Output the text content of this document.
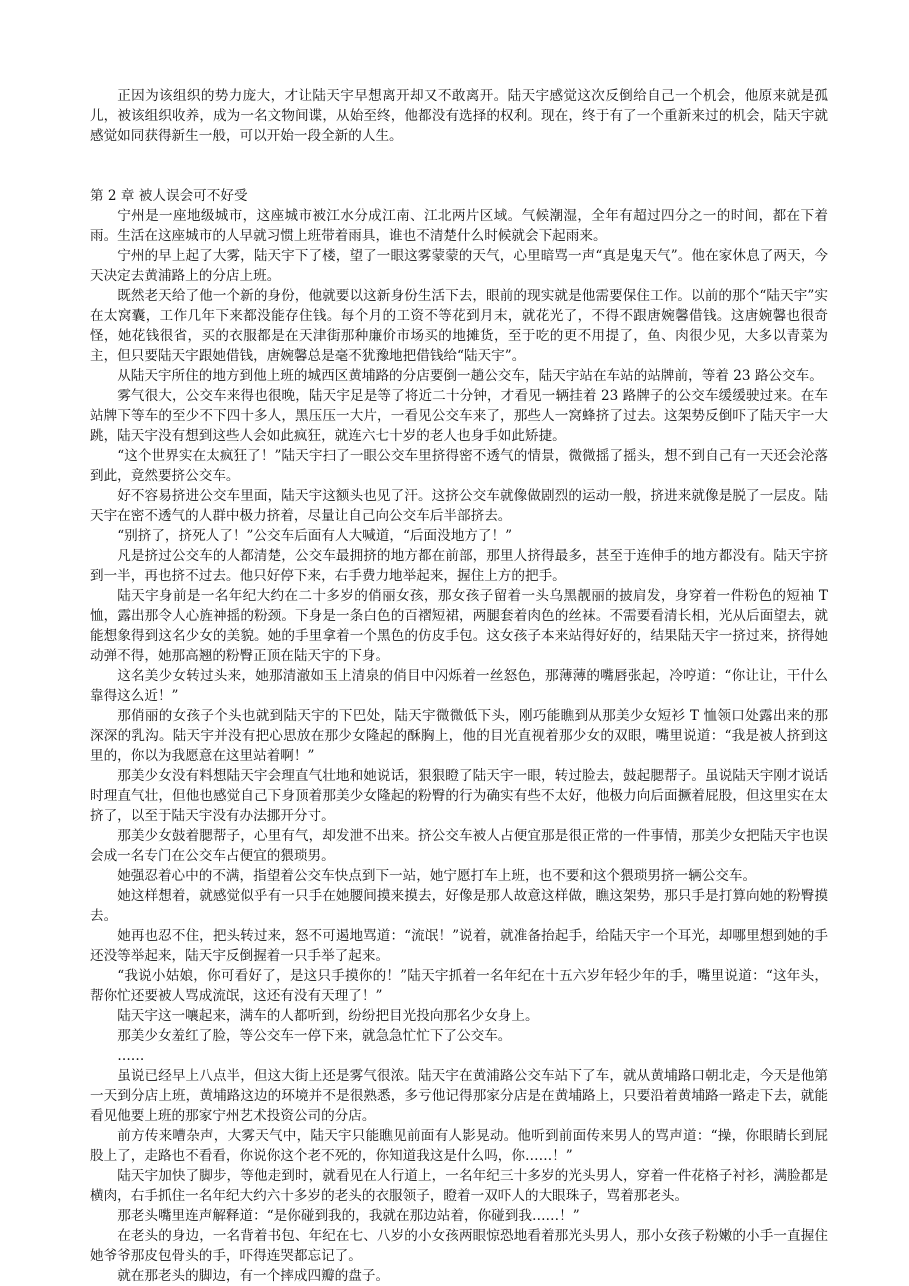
正因为该组织的势力庞大，才让陆天宇早想离开却又不敢离开。陆天宇感觉这次反倒给自己一个机会，他原来就是孤儿，被该组织收养，成为一名文物间谍，从始至终，他都没有选择的权利。现在，终于有了一个重新来过的机会，陆天宇就感觉如同获得新生一般，可以开始一段全新的人生。

第 2 章 被人误会可不好受

宁州是一座地级城市，这座城市被江水分成江南、江北两片区域。气候潮湿，全年有超过四分之一的时间，都在下着雨。生活在这座城市的人早就习惯上班带着雨具，谁也不清楚什么时候就会下起雨来。

宁州的早上起了大雾，陆天宇下了楼，望了一眼这雾蒙蒙的天气，心里暗骂一声“真是鬼天气”。他在家休息了两天，今天决定去黄浦路上的分店上班。

既然老天给了他一个新的身份，他就要以这新身份生活下去，眼前的现实就是他需要保住工作。以前的那个“陆天宇”实在太窝囊，工作几年下来都没能存住钱。每个月的工资不等花到月末，就花光了，不得不跟唐婉馨借钱。这唐婉馨也很奇怪，她花钱很省，买的衣服都是在天津街那种廉价市场买的地摊货，至于吃的更不用提了，鱼、肉很少见，大多以青菜为主，但只要陆天宇跟她借钱，唐婉馨总是毫不犹豫地把借钱给“陆天宇”。

从陆天宇所住的地方到他上班的城西区黄埔路的分店要倒一趟公交车，陆天宇站在车站的站牌前，等着 23 路公交车。

雾气很大，公交车来得也很晚，陆天宇足是等了将近二十分钟，才看见一辆挂着 23 路牌子的公交车缓缓驶过来。在车站牌下等车的至少不下四十多人，黑压压一大片，一看见公交车来了，那些人一窝蜂挤了过去。这架势反倒吓了陆天宇一大跳，陆天宇没有想到这些人会如此疯狂，就连六七十岁的老人也身手如此矫捷。

“这个世界实在太疯狂了！”陆天宇扫了一眼公交车里挤得密不透气的情景，微微摇了摇头，想不到自己有一天还会沦落到此，竟然要挤公交车。

好不容易挤进公交车里面，陆天宇这额头也见了汗。这挤公交车就像做剧烈的运动一般，挤进来就像是脱了一层皮。陆天宇在密不透气的人群中极力挤着，尽量让自己向公交车后半部挤去。

“别挤了，挤死人了！”公交车后面有人大喊道，“后面没地方了！”

凡是挤过公交车的人都清楚，公交车最拥挤的地方都在前部，那里人挤得最多，甚至于连伸手的地方都没有。陆天宇挤到一半，再也挤不过去。他只好停下来，右手费力地举起来，握住上方的把手。

陆天宇身前是一名年纪大约在二十多岁的俏丽女孩，那女孩子留着一头乌黑靓丽的披肩发，身穿着一件粉色的短袖 T 恤，露出那令人心旌神摇的粉颈。下身是一条白色的百褶短裙，两腿套着肉色的丝袜。不需要看清长相，光从后面望去，就能想象得到这名少女的美貌。她的手里拿着一个黑色的仿皮手包。这女孩子本来站得好好的，结果陆天宇一挤过来，挤得她动弹不得，她那高翘的粉臀正顶在陆天宇的下身。

这名美少女转过头来，她那清澈如玉上清泉的俏目中闪烁着一丝怒色，那薄薄的嘴唇张起，冷哼道：“你让让，干什么靠得这么近！”

那俏丽的女孩子个头也就到陆天宇的下巴处，陆天宇微微低下头，刚巧能瞧到从那美少女短衫 T 恤领口处露出来的那深深的乳沟。陆天宇并没有把心思放在那少女隆起的酥胸上，他的目光直视着那少女的双眼，嘴里说道：“我是被人挤到这里的，你以为我愿意在这里站着啊！”

那美少女没有料想陆天宇会理直气壮地和她说话，狠狠瞪了陆天宇一眼，转过脸去，鼓起腮帮子。虽说陆天宇刚才说话时理直气壮，但他也感觉自己下身顶着那美少女隆起的粉臀的行为确实有些不太好，他极力向后面撅着屁股，但这里实在太挤了，以至于陆天宇没有办法挪开分寸。

那美少女鼓着腮帮子，心里有气，却发泄不出来。挤公交车被人占便宜那是很正常的一件事情，那美少女把陆天宇也误会成一名专门在公交车占便宜的猥琐男。

她强忍着心中的不满，指望着公交车快点到下一站，她宁愿打车上班，也不要和这个猥琐男挤一辆公交车。

她这样想着，就感觉似乎有一只手在她腰间摸来摸去，好像是那人故意这样做，瞧这架势，那只手是打算向她的粉臀摸去。

她再也忍不住，把头转过来，怒不可遏地骂道：“流氓！”说着，就准备抬起手，给陆天宇一个耳光，却哪里想到她的手还没等举起来，陆天宇反倒握着一只手举了起来。

“我说小姑娘，你可看好了，是这只手摸你的！”陆天宇抓着一名年纪在十五六岁年轻少年的手，嘴里说道：“这年头，帮你忙还要被人骂成流氓，这还有没有天理了！”

陆天宇这一嚷起来，满车的人都听到，纷纷把目光投向那名少女身上。

那美少女羞红了脸，等公交车一停下来，就急急忙忙下了公交车。

……

虽说已经早上八点半，但这大街上还是雾气很浓。陆天宇在黄浦路公交车站下了车，就从黄埔路口朝北走，今天是他第一天到分店上班，黄埔路这边的环境并不是很熟悉，多亏他记得那家分店是在黄埔路上，只要沿着黄埔路一路走下去，就能看见他要上班的那家宁州艺术投资公司的分店。

前方传来嘈杂声，大雾天气中，陆天宇只能瞧见前面有人影晃动。他听到前面传来男人的骂声道：“操，你眼睛长到屁股上了，走路也不看看，你说你这个老不死的，你知道我这是什么吗，你……！”

陆天宇加快了脚步，等他走到时，就看见在人行道上，一名年纪三十多岁的光头男人，穿着一件花格子衬衫，满脸都是横肉，右手抓住一名年纪大约六十多岁的老头的衣服领子，瞪着一双吓人的大眼珠子，骂着那老头。

那老头嘴里连声解释道：“是你碰到我的，我就在那边站着，你碰到我……！”

在老头的身边，一名背着书包、年纪在七、八岁的小女孩两眼惊恐地看着那光头男人，那小女孩子粉嫩的小手一直握住她爷爷那皮包骨头的手，吓得连哭都忘记了。

就在那老头的脚边，有一个摔成四瓣的盘子。
